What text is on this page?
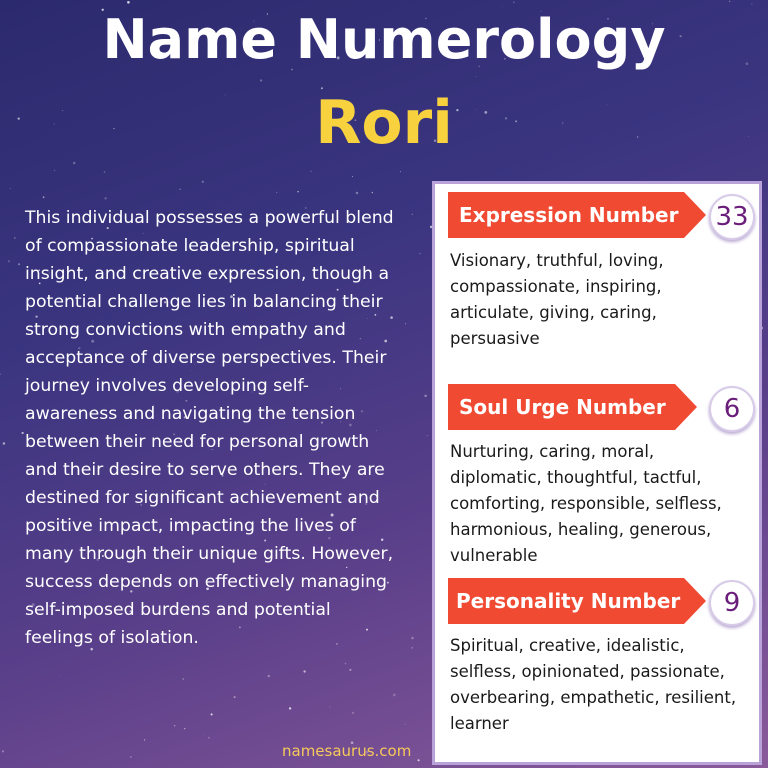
Name Numerology
Rori
This individual possesses a powerful blend of compassionate leadership, spiritual insight, and creative expression, though a potential challenge lies in balancing their strong convictions with empathy and acceptance of diverse perspectives. Their journey involves developing self-awareness and navigating the tension between their need for personal growth and their desire to serve others. They are destined for significant achievement and positive impact, impacting the lives of many through their unique gifts. However, success depends on effectively managing self-imposed burdens and potential feelings of isolation.
Expression Number 33
Visionary, truthful, loving, compassionate, inspiring, articulate, giving, caring, persuasive
Soul Urge Number	6
Nurturing, caring, moral, diplomatic, thoughtful, tactful, comforting, responsible, selfless, harmonious, healing, generous, vulnerable
Personality Number	9
Spiritual, creative, idealistic, selfless, opinionated, passionate, overbearing, empathetic, resilient, learner
namesaurus.com
